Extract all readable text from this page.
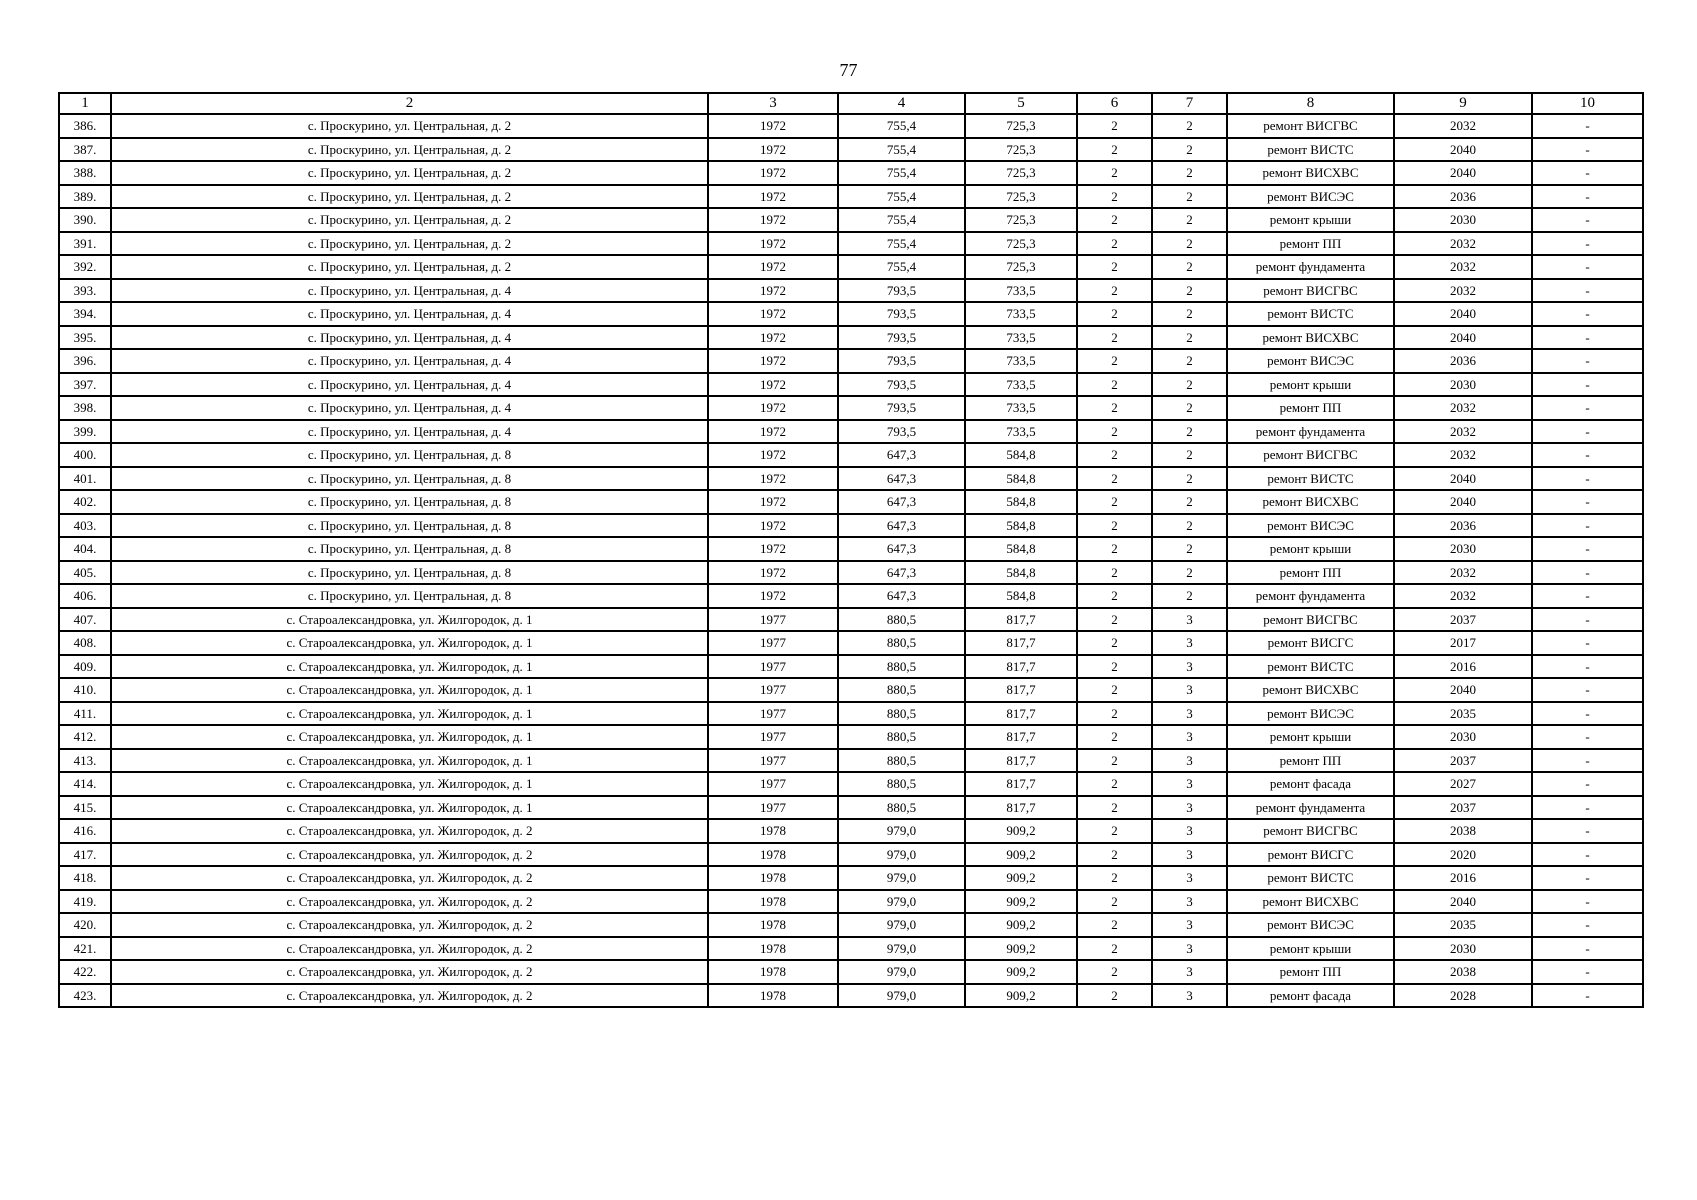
77
1	2	3	4	5	6	7	8	9	10
386.	с. Проскурино, ул. Центральная, д. 2	1972	755,4	725,3	2	2	ремонт ВИСГВС	2032	-
387.	с. Проскурино, ул. Центральная, д. 2	1972	755,4	725,3	2	2	ремонт ВИСТС	2040	-
388.	с. Проскурино, ул. Центральная, д. 2	1972	755,4	725,3	2	2	ремонт ВИСХВС	2040	-
389.	с. Проскурино, ул. Центральная, д. 2	1972	755,4	725,3	2	2	ремонт ВИСЭС	2036	-
390.	с. Проскурино, ул. Центральная, д. 2	1972	755,4	725,3	2	2	ремонт крыши	2030	-
391.	с. Проскурино, ул. Центральная, д. 2	1972	755,4	725,3	2	2	ремонт ПП	2032	-
392.	с. Проскурино, ул. Центральная, д. 2	1972	755,4	725,3	2	2	ремонт фундамента	2032	-
393.	с. Проскурино, ул. Центральная, д. 4	1972	793,5	733,5	2	2	ремонт ВИСГВС	2032	-
394.	с. Проскурино, ул. Центральная, д. 4	1972	793,5	733,5	2	2	ремонт ВИСТС	2040	-
395.	с. Проскурино, ул. Центральная, д. 4	1972	793,5	733,5	2	2	ремонт ВИСХВС	2040	-
396.	с. Проскурино, ул. Центральная, д. 4	1972	793,5	733,5	2	2	ремонт ВИСЭС	2036	-
397.	с. Проскурино, ул. Центральная, д. 4	1972	793,5	733,5	2	2	ремонт крыши	2030	-
398.	с. Проскурино, ул. Центральная, д. 4	1972	793,5	733,5	2	2	ремонт ПП	2032	-
399.	с. Проскурино, ул. Центральная, д. 4	1972	793,5	733,5	2	2	ремонт фундамента	2032	-
400.	с. Проскурино, ул. Центральная, д. 8	1972	647,3	584,8	2	2	ремонт ВИСГВС	2032	-
401.	с. Проскурино, ул. Центральная, д. 8	1972	647,3	584,8	2	2	ремонт ВИСТС	2040	-
402.	с. Проскурино, ул. Центральная, д. 8	1972	647,3	584,8	2	2	ремонт ВИСХВС	2040	-
403.	с. Проскурино, ул. Центральная, д. 8	1972	647,3	584,8	2	2	ремонт ВИСЭС	2036	-
404.	с. Проскурино, ул. Центральная, д. 8	1972	647,3	584,8	2	2	ремонт крыши	2030	-
405.	с. Проскурино, ул. Центральная, д. 8	1972	647,3	584,8	2	2	ремонт ПП	2032	-
406.	с. Проскурино, ул. Центральная, д. 8	1972	647,3	584,8	2	2	ремонт фундамента	2032	-
407.	с. Староалександровка, ул. Жилгородок, д. 1	1977	880,5	817,7	2	3	ремонт ВИСГВС	2037	-
408.	с. Староалександровка, ул. Жилгородок, д. 1	1977	880,5	817,7	2	3	ремонт ВИСГС	2017	-
409.	с. Староалександровка, ул. Жилгородок, д. 1	1977	880,5	817,7	2	3	ремонт ВИСТС	2016	-
410.	с. Староалександровка, ул. Жилгородок, д. 1	1977	880,5	817,7	2	3	ремонт ВИСХВС	2040	-
411.	с. Староалександровка, ул. Жилгородок, д. 1	1977	880,5	817,7	2	3	ремонт ВИСЭС	2035	-
412.	с. Староалександровка, ул. Жилгородок, д. 1	1977	880,5	817,7	2	3	ремонт крыши	2030	-
413.	с. Староалександровка, ул. Жилгородок, д. 1	1977	880,5	817,7	2	3	ремонт ПП	2037	-
414.	с. Староалександровка, ул. Жилгородок, д. 1	1977	880,5	817,7	2	3	ремонт фасада	2027	-
415.	с. Староалександровка, ул. Жилгородок, д. 1	1977	880,5	817,7	2	3	ремонт фундамента	2037	-
416.	с. Староалександровка, ул. Жилгородок, д. 2	1978	979,0	909,2	2	3	ремонт ВИСГВС	2038	-
417.	с. Староалександровка, ул. Жилгородок, д. 2	1978	979,0	909,2	2	3	ремонт ВИСГС	2020	-
418.	с. Староалександровка, ул. Жилгородок, д. 2	1978	979,0	909,2	2	3	ремонт ВИСТС	2016	-
419.	с. Староалександровка, ул. Жилгородок, д. 2	1978	979,0	909,2	2	3	ремонт ВИСХВС	2040	-
420.	с. Староалександровка, ул. Жилгородок, д. 2	1978	979,0	909,2	2	3	ремонт ВИСЭС	2035	-
421.	с. Староалександровка, ул. Жилгородок, д. 2	1978	979,0	909,2	2	3	ремонт крыши	2030	-
422.	с. Староалександровка, ул. Жилгородок, д. 2	1978	979,0	909,2	2	3	ремонт ПП	2038	-
423.	с. Староалександровка, ул. Жилгородок, д. 2	1978	979,0	909,2	2	3	ремонт фасада	2028	-
